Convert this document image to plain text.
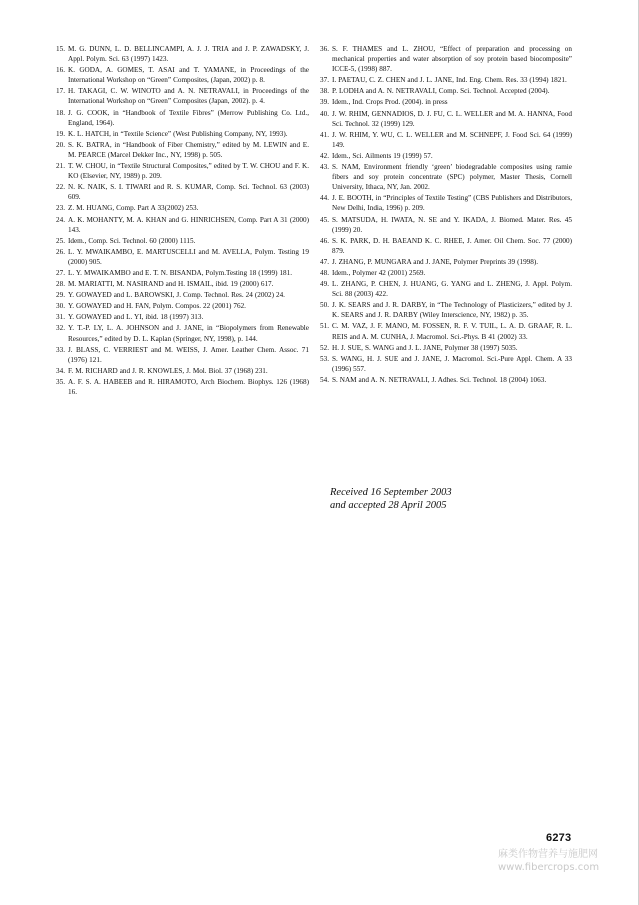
15. M. G. DUNN, L. D. BELLINCAMPI, A. J. J. TRIA and J. P. ZAWADSKY, J. Appl. Polym. Sci. 63 (1997) 1423.
16. K. GODA, A. GOMES, T. ASAI and T. YAMANE, in Proceedings of the International Workshop on “Green” Composites, (Japan, 2002) p. 8.
17. H. TAKAGI, C. W. WINOTO and A. N. NETRAVALI, in Proceedings of the International Workshop on “Green” Composites (Japan, 2002). p. 4.
18. J. G. COOK, in “Handbook of Textile Fibres” (Merrow Publishing Co. Ltd., England, 1964).
19. K. L. HATCH, in “Textile Science” (West Publishing Company, NY, 1993).
20. S. K. BATRA, in “Handbook of Fiber Chemistry,” edited by M. LEWIN and E. M. PEARCE (Marcel Dekker Inc., NY, 1998) p. 505.
21. T. W. CHOU, in “Textile Structural Composites,” edited by T. W. CHOU and F. K. KO (Elsevier, NY, 1989) p. 209.
22. N. K. NAIK, S. I. TIWARI and R. S. KUMAR, Comp. Sci. Technol. 63 (2003) 609.
23. Z. M. HUANG, Comp. Part A 33(2002) 253.
24. A. K. MOHANTY, M. A. KHAN and G. HINRICHSEN, Comp. Part A 31 (2000) 143.
25. Idem., Comp. Sci. Technol. 60 (2000) 1115.
26. L. Y. MWAIKAMBO, E. MARTUSCELLI and M. AVELLA, Polym. Testing 19 (2000) 905.
27. L. Y. MWAIKAMBO and E. T. N. BISANDA, Polym.Testing 18 (1999) 181.
28. M. MARIATTI, M. NASIRAND and H. ISMAIL, ibid. 19 (2000) 617.
29. Y. GOWAYED and L. BAROWSKI, J. Comp. Technol. Res. 24 (2002) 24.
30. Y. GOWAYED and H. FAN, Polym. Compos. 22 (2001) 762.
31. Y. GOWAYED and L. YI, ibid. 18 (1997) 313.
32. Y. T.-P. LY, L. A. JOHNSON and J. JANE, in “Biopolymers from Renewable Resources,” edited by D. L. Kaplan (Springer, NY, 1998), p. 144.
33. J. BLASS, C. VERRIEST and M. WEISS, J. Amer. Leather Chem. Assoc. 71 (1976) 121.
34. F. M. RICHARD and J. R. KNOWLES, J. Mol. Biol. 37 (1968) 231.
35. A. F. S. A. HABEEB and R. HIRAMOTO, Arch Biochem. Biophys. 126 (1968) 16.
36. S. F. THAMES and L. ZHOU, “Effect of preparation and processing on mechanical properties and water absorption of soy protein based biocomposite” ICCE-5, (1998) 887.
37. I. PAETAU, C. Z. CHEN and J. L. JANE, Ind. Eng. Chem. Res. 33 (1994) 1821.
38. P. LODHA and A. N. NETRAVALI, Comp. Sci. Technol. Accepted (2004).
39. Idem., Ind. Crops Prod. (2004). in press
40. J. W. RHIM, GENNADIOS, D. J. FU, C. L. WELLER and M. A. HANNA, Food Sci. Technol. 32 (1999) 129.
41. J. W. RHIM, Y. WU, C. L. WELLER and M. SCHNEPF, J. Food Sci. 64 (1999) 149.
42. Idem., Sci. Ailments 19 (1999) 57.
43. S. NAM, Environment friendly ‘green’ biodegradable composites using ramie fibers and soy protein concentrate (SPC) polymer, Master Thesis, Cornell University, Ithaca, NY, Jan. 2002.
44. J. E. BOOTH, in “Principles of Textile Testing” (CBS Publishers and Distributors, New Delhi, India, 1996) p. 209.
45. S. MATSUDA, H. IWATA, N. SE and Y. IKADA, J. Biomed. Mater. Res. 45 (1999) 20.
46. S. K. PARK, D. H. BAEAND K. C. RHEE, J. Amer. Oil Chem. Soc. 77 (2000) 879.
47. J. ZHANG, P. MUNGARA and J. JANE, Polymer Preprints 39 (1998).
48. Idem., Polymer 42 (2001) 2569.
49. L. ZHANG, P. CHEN, J. HUANG, G. YANG and L. ZHENG, J. Appl. Polym. Sci. 88 (2003) 422.
50. J. K. SEARS and J. R. DARBY, in “The Technology of Plasticizers,” edited by J. K. SEARS and J. R. DARBY (Wiley Interscience, NY, 1982) p. 35.
51. C. M. VAZ, J. F. MANO, M. FOSSEN, R. F. V. TUIL, L. A. D. GRAAF, R. L. REIS and A. M. CUNHA, J. Macromol. Sci.-Phys. B 41 (2002) 33.
52. H. J. SUE, S. WANG and J. L. JANE, Polymer 38 (1997) 5035.
53. S. WANG, H. J. SUE and J. JANE, J. Macromol. Sci.-Pure Appl. Chem. A 33 (1996) 557.
54. S. NAM and A. N. NETRAVALI, J. Adhes. Sci. Technol. 18 (2004) 1063.
Received 16 September 2003
and accepted 28 April 2005
6273
麻类作物营养与施肥网
www.fibercrops.com
